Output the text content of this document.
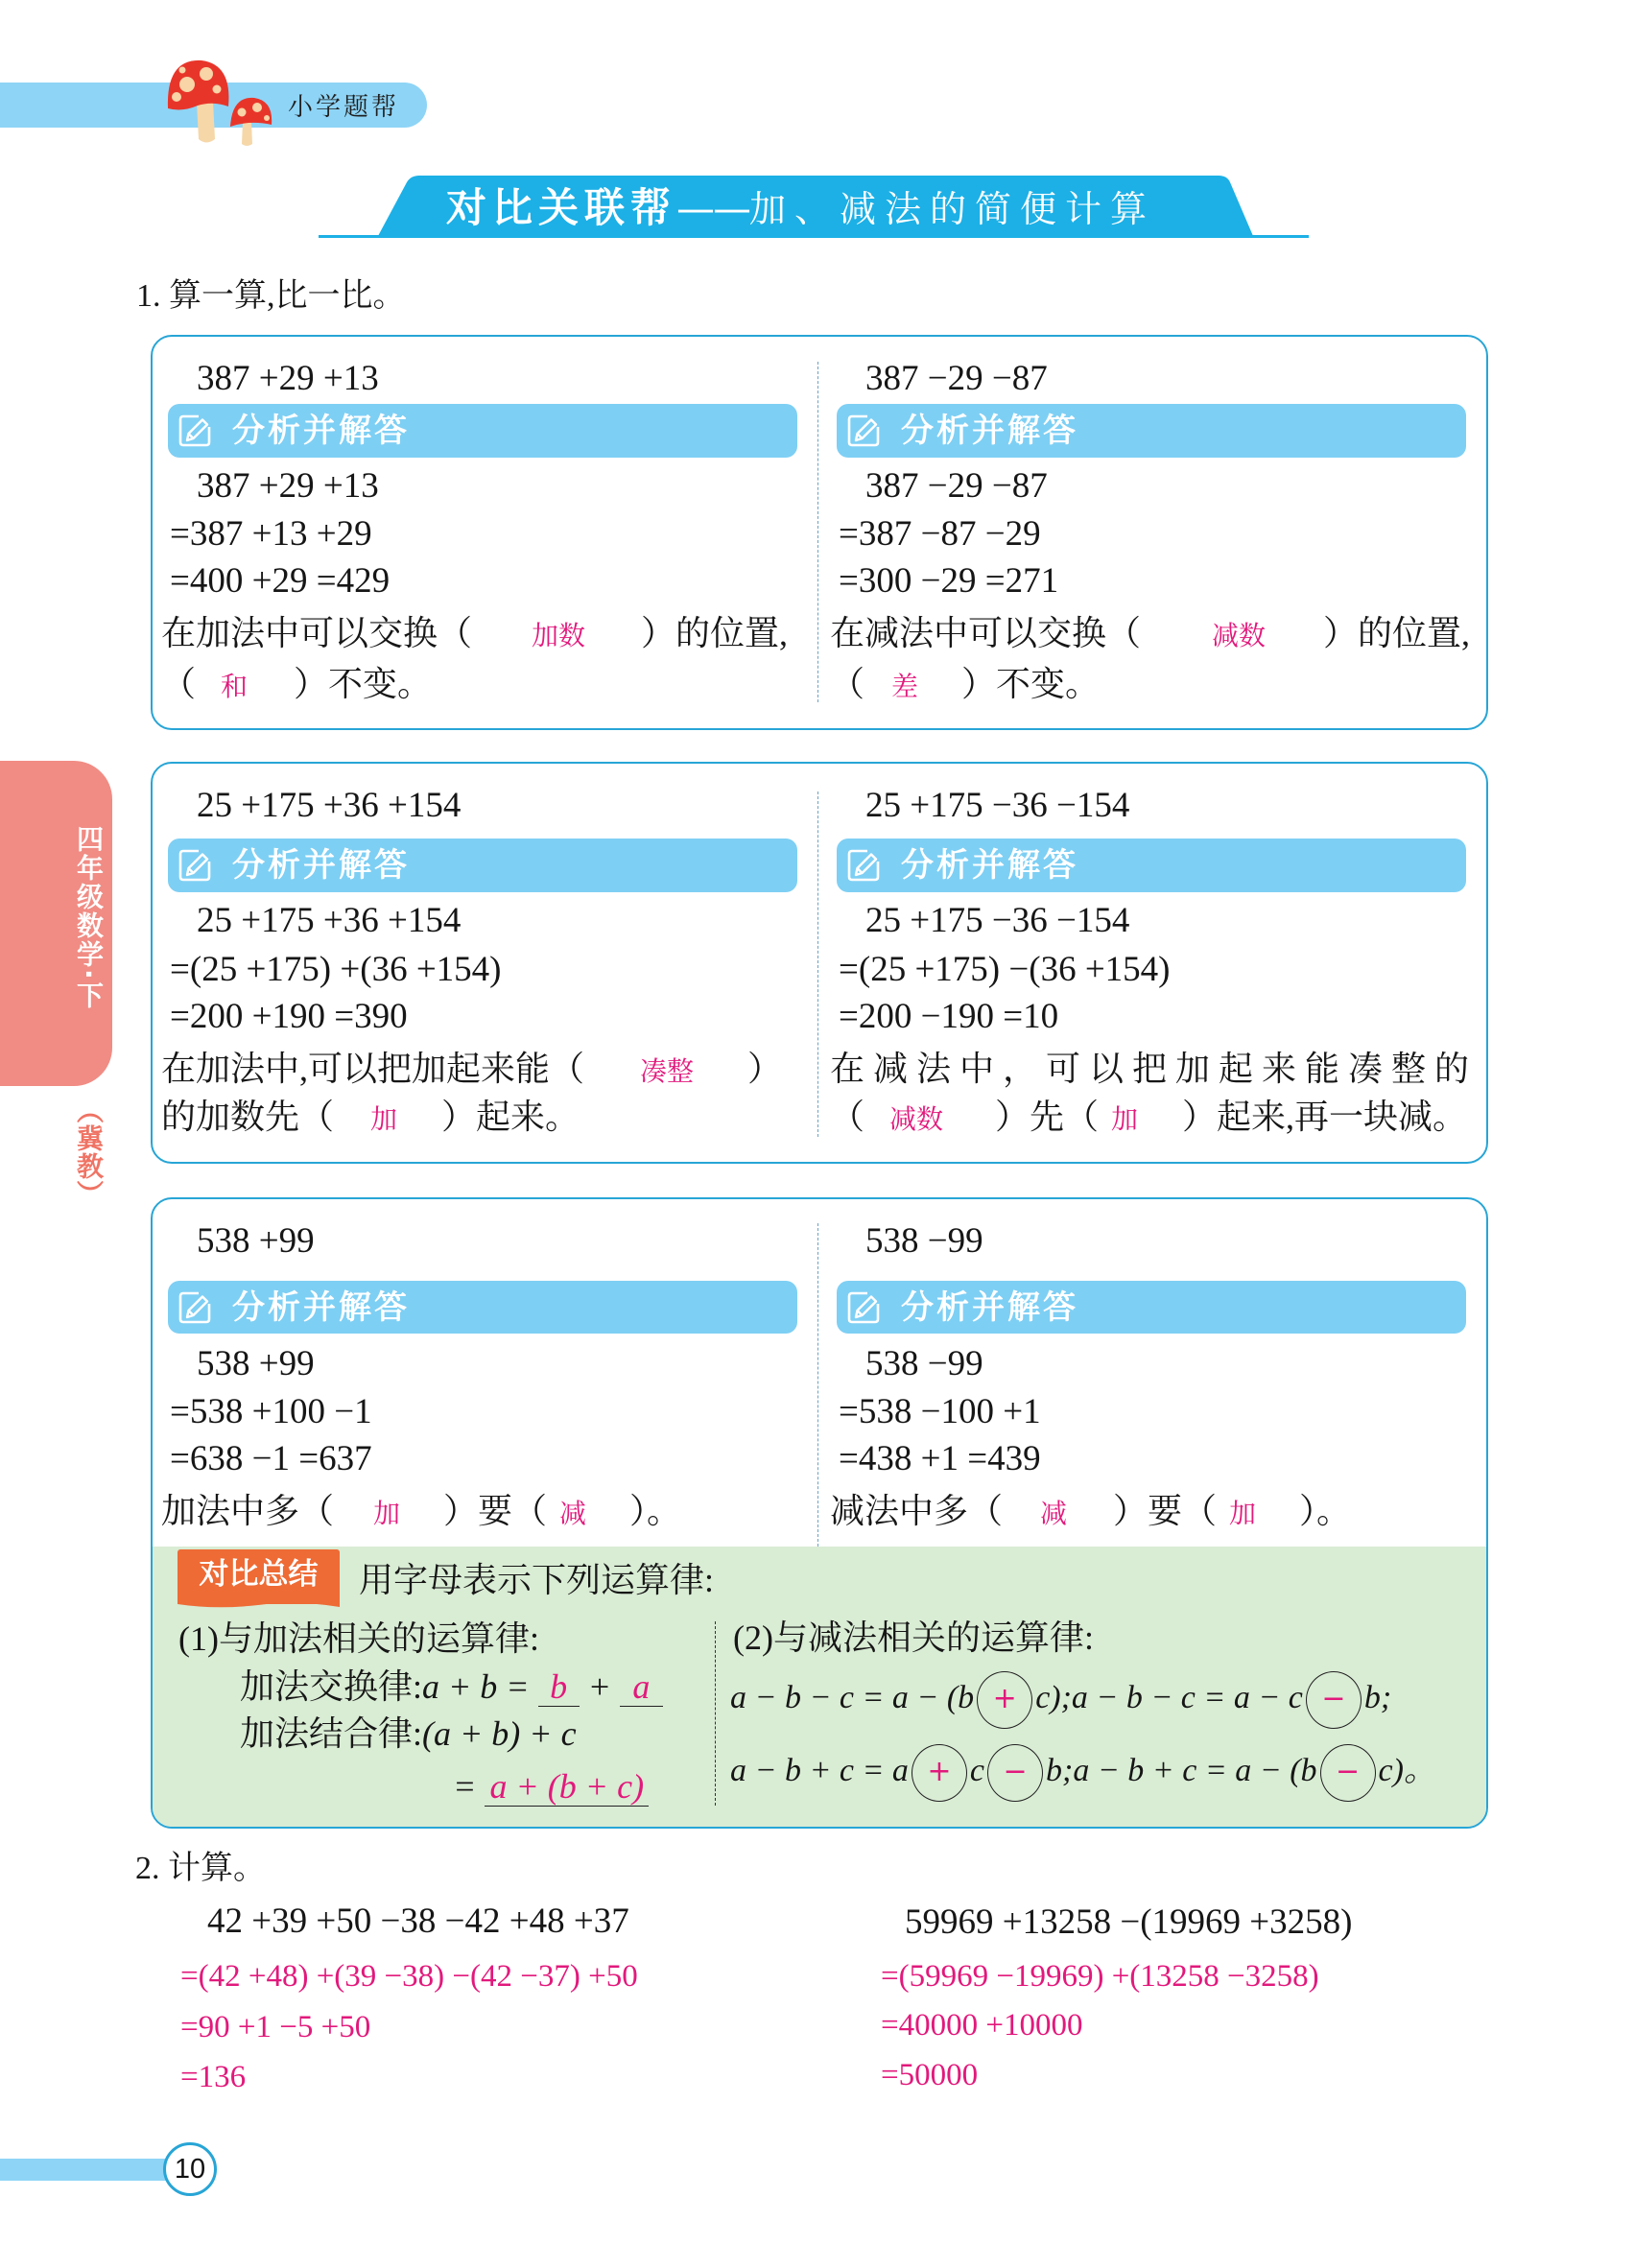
小学题帮
对比关联帮——加、减法的简便计算
四年级数学·下
（冀教）
1. 算一算,比一比。
387 +29 +13
分析并解答
387 +29 +13
=387 +13 +29
=400 +29 =429
在加法中可以交换（ 加数 ）的位置,
（ 和 ）不变。
387 −29 −87
分析并解答
387 −29 −87
=387 −87 −29
=300 −29 =271
在减法中可以交换（	减数 ）的位置,
（ 差 ）不变。
25 +175 +36 +154
分析并解答
25 +175 +36 +154
=(25 +175) +(36 +154)
=200 +190 =390
在加法中,可以把加起来能（ 凑整 ）
的加数先（ 加 ）起来。
25 +175 −36 −154
分析并解答
25 +175 −36 −154
=(25 +175) −(36 +154)
=200 −190 =10
在减法中，可以把加起来能凑整的
（ 减数 ）先（ 加 ）起来,再一块减。
538 +99
分析并解答
538 +99
=538 +100 −1
=638 −1 =637
加法中多（ 加 ）要（ 减 ）。
538 −99
分析并解答
538 −99
=538 −100 +1
=438 +1 =439
减法中多（ 减 ）要（ 加 ）。
对比总结	用字母表示下列运算律:
(1)与加法相关的运算律:
加法交换律:a + b = b + a
加法结合律:(a + b) + c
= a + (b + c)
(2)与减法相关的运算律:
a − b − c = a − (b + c);a − b − c = a − c − b;
a − b + c = a + c − b;a − b + c = a − (b − c)。
2. 计算。
42 +39 +50 −38 −42 +48 +37
=(42 +48) +(39 −38) −(42 −37) +50
=90 +1 −5 +50
=136
59969 +13258 −(19969 +3258)
=(59969 −19969) +(13258 −3258)
=40000 +10000
=50000
10
